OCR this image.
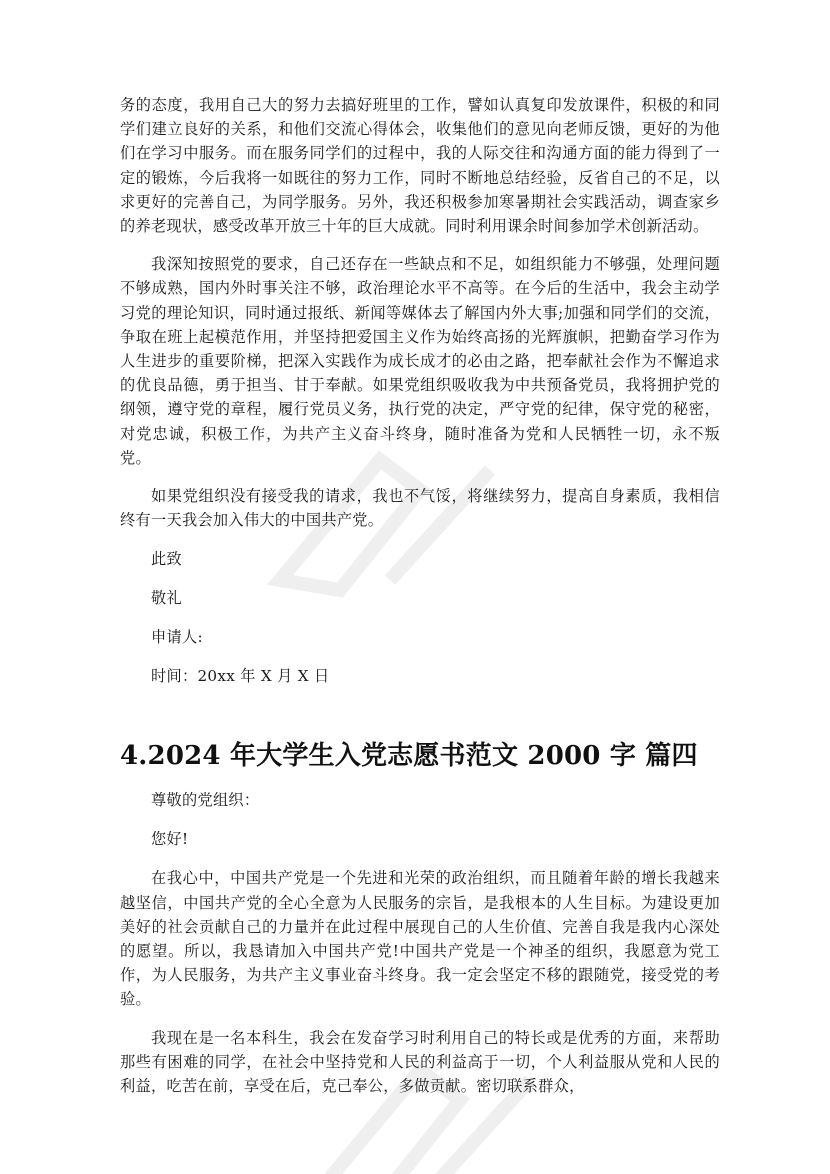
务的态度，我用自己大的努力去搞好班里的工作，譬如认真复印发放课件，积极的和同学们建立良好的关系，和他们交流心得体会，收集他们的意见向老师反馈，更好的为他们在学习中服务。而在服务同学们的过程中，我的人际交往和沟通方面的能力得到了一定的锻炼，今后我将一如既往的努力工作，同时不断地总结经验，反省自己的不足，以求更好的完善自己，为同学服务。另外，我还积极参加寒暑期社会实践活动，调查家乡的养老现状，感受改革开放三十年的巨大成就。同时利用课余时间参加学术创新活动。

我深知按照党的要求，自己还存在一些缺点和不足，如组织能力不够强，处理问题不够成熟，国内外时事关注不够，政治理论水平不高等。在今后的生活中，我会主动学习党的理论知识，同时通过报纸、新闻等媒体去了解国内外大事;加强和同学们的交流，争取在班上起模范作用，并坚持把爱国主义作为始终高扬的光辉旗帜，把勤奋学习作为人生进步的重要阶梯，把深入实践作为成长成才的必由之路，把奉献社会作为不懈追求的优良品德，勇于担当、甘于奉献。如果党组织吸收我为中共预备党员，我将拥护党的纲领，遵守党的章程，履行党员义务，执行党的决定，严守党的纪律，保守党的秘密，对党忠诚，积极工作，为共产主义奋斗终身，随时准备为党和人民牺牲一切，永不叛党。

如果党组织没有接受我的请求，我也不气馁，将继续努力，提高自身素质，我相信终有一天我会加入伟大的中国共产党。

此致
敬礼
申请人:
时间：20xx 年 X 月 X 日
4.2024 年大学生入党志愿书范文 2000 字 篇四
尊敬的党组织：
您好!

在我心中，中国共产党是一个先进和光荣的政治组织，而且随着年龄的增长我越来越坚信，中国共产党的全心全意为人民服务的宗旨，是我根本的人生目标。为建设更加美好的社会贡献自己的力量并在此过程中展现自己的人生价值、完善自我是我内心深处的愿望。所以，我恳请加入中国共产党!中国共产党是一个神圣的组织，我愿意为党工作，为人民服务，为共产主义事业奋斗终身。我一定会坚定不移的跟随党，接受党的考验。

我现在是一名本科生，我会在发奋学习时利用自己的特长或是优秀的方面，来帮助那些有困难的同学，在社会中坚持党和人民的利益高于一切，个人利益服从党和人民的利益，吃苦在前，享受在后，克己奉公，多做贡献。密切联系群众，
